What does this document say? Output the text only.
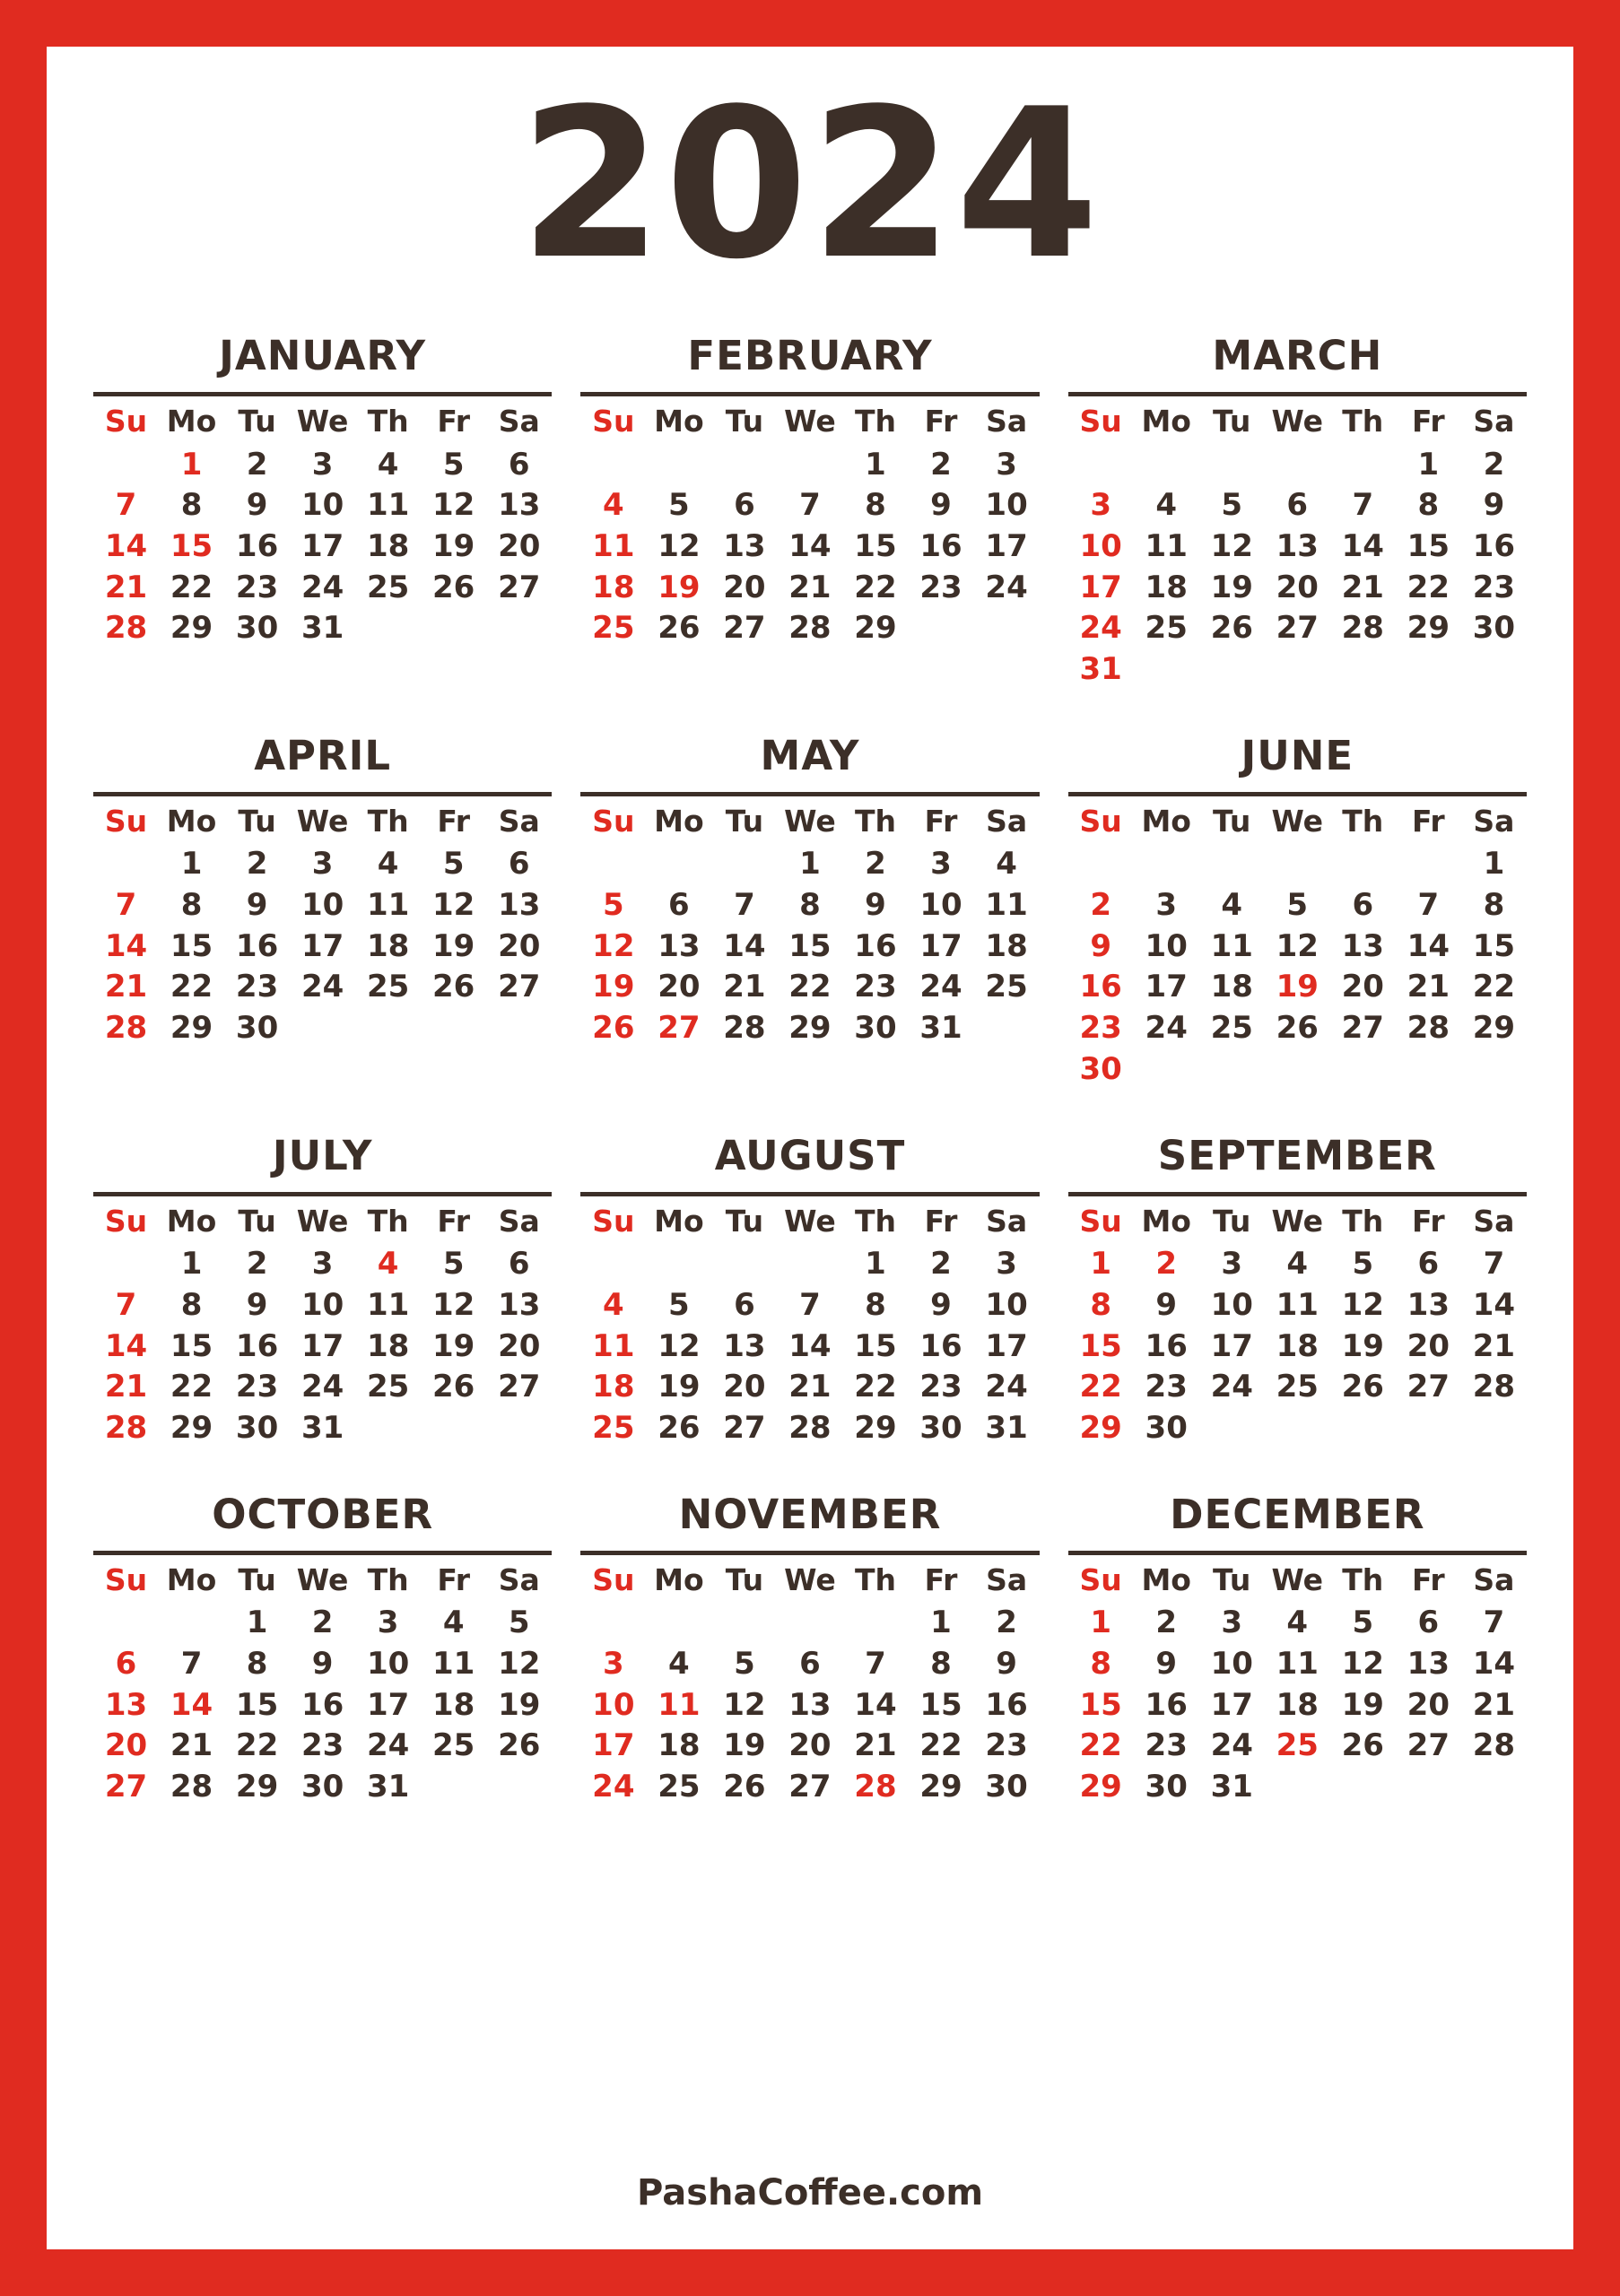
2024
JANUARY
Su	Mo	Tu	We	Th	Fr	Sa
	1	2	3	4	5	6
7	8	9	10	11	12	13
14	15	16	17	18	19	20
21	22	23	24	25	26	27
28	29	30	31			
FEBRUARY
Su	Mo	Tu	We	Th	Fr	Sa
				1	2	3
4	5	6	7	8	9	10
11	12	13	14	15	16	17
18	19	20	21	22	23	24
25	26	27	28	29		
MARCH
Su	Mo	Tu	We	Th	Fr	Sa
					1	2
3	4	5	6	7	8	9
10	11	12	13	14	15	16
17	18	19	20	21	22	23
24	25	26	27	28	29	30
31						
APRIL
Su	Mo	Tu	We	Th	Fr	Sa
	1	2	3	4	5	6
7	8	9	10	11	12	13
14	15	16	17	18	19	20
21	22	23	24	25	26	27
28	29	30				
MAY
Su	Mo	Tu	We	Th	Fr	Sa
			1	2	3	4
5	6	7	8	9	10	11
12	13	14	15	16	17	18
19	20	21	22	23	24	25
26	27	28	29	30	31	
JUNE
Su	Mo	Tu	We	Th	Fr	Sa
						1
2	3	4	5	6	7	8
9	10	11	12	13	14	15
16	17	18	19	20	21	22
23	24	25	26	27	28	29
30						
JULY
Su	Mo	Tu	We	Th	Fr	Sa
	1	2	3	4	5	6
7	8	9	10	11	12	13
14	15	16	17	18	19	20
21	22	23	24	25	26	27
28	29	30	31			
AUGUST
Su	Mo	Tu	We	Th	Fr	Sa
				1	2	3
4	5	6	7	8	9	10
11	12	13	14	15	16	17
18	19	20	21	22	23	24
25	26	27	28	29	30	31
SEPTEMBER
Su	Mo	Tu	We	Th	Fr	Sa
1	2	3	4	5	6	7
8	9	10	11	12	13	14
15	16	17	18	19	20	21
22	23	24	25	26	27	28
29	30					
OCTOBER
Su	Mo	Tu	We	Th	Fr	Sa
		1	2	3	4	5
6	7	8	9	10	11	12
13	14	15	16	17	18	19
20	21	22	23	24	25	26
27	28	29	30	31		
NOVEMBER
Su	Mo	Tu	We	Th	Fr	Sa
					1	2
3	4	5	6	7	8	9
10	11	12	13	14	15	16
17	18	19	20	21	22	23
24	25	26	27	28	29	30
DECEMBER
Su	Mo	Tu	We	Th	Fr	Sa
1	2	3	4	5	6	7
8	9	10	11	12	13	14
15	16	17	18	19	20	21
22	23	24	25	26	27	28
29	30	31				
PashaCoffee.com
